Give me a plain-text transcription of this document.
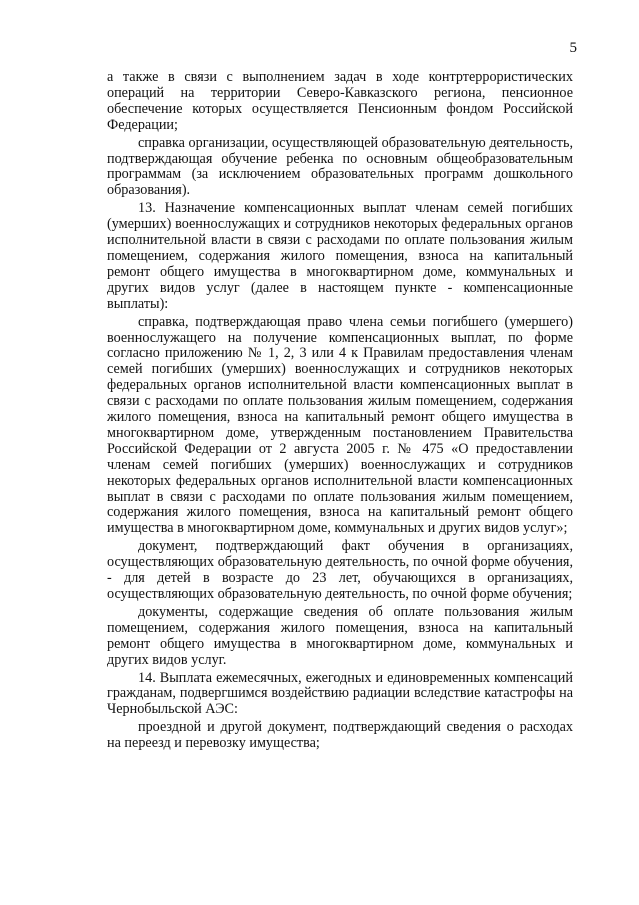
5

а также в связи с выполнением задач в ходе контртеррористических операций на территории Северо-Кавказского региона, пенсионное обеспечение которых осуществляется Пенсионным фондом Российской Федерации;

справка организации, осуществляющей образовательную деятельность, подтверждающая обучение ребенка по основным общеобразовательным программам (за исключением образовательных программ дошкольного образования).

13. Назначение компенсационных выплат членам семей погибших (умерших) военнослужащих и сотрудников некоторых федеральных органов исполнительной власти в связи с расходами по оплате пользования жилым помещением, содержания жилого помещения, взноса на капитальный ремонт общего имущества в многоквартирном доме, коммунальных и других видов услуг (далее в настоящем пункте - компенсационные выплаты):

справка, подтверждающая право члена семьи погибшего (умершего) военнослужащего на получение компенсационных выплат, по форме согласно приложению № 1, 2, 3 или 4 к Правилам предоставления членам семей погибших (умерших) военнослужащих и сотрудников некоторых федеральных органов исполнительной власти компенсационных выплат в связи с расходами по оплате пользования жилым помещением, содержания жилого помещения, взноса на капитальный ремонт общего имущества в многоквартирном доме, утвержденным постановлением Правительства Российской Федерации от 2 августа 2005 г. № 475 «О предоставлении членам семей погибших (умерших) военнослужащих и сотрудников некоторых федеральных органов исполнительной власти компенсационных выплат в связи с расходами по оплате пользования жилым помещением, содержания жилого помещения, взноса на капитальный ремонт общего имущества в многоквартирном доме, коммунальных и других видов услуг»;

документ, подтверждающий факт обучения в организациях, осуществляющих образовательную деятельность, по очной форме обучения, - для детей в возрасте до 23 лет, обучающихся в организациях, осуществляющих образовательную деятельность, по очной форме обучения;

документы, содержащие сведения об оплате пользования жилым помещением, содержания жилого помещения, взноса на капитальный ремонт общего имущества в многоквартирном доме, коммунальных и других видов услуг.

14. Выплата ежемесячных, ежегодных и единовременных компенсаций гражданам, подвергшимся воздействию радиации вследствие катастрофы на Чернобыльской АЭС:

проездной и другой документ, подтверждающий сведения о расходах на переезд и перевозку имущества;
